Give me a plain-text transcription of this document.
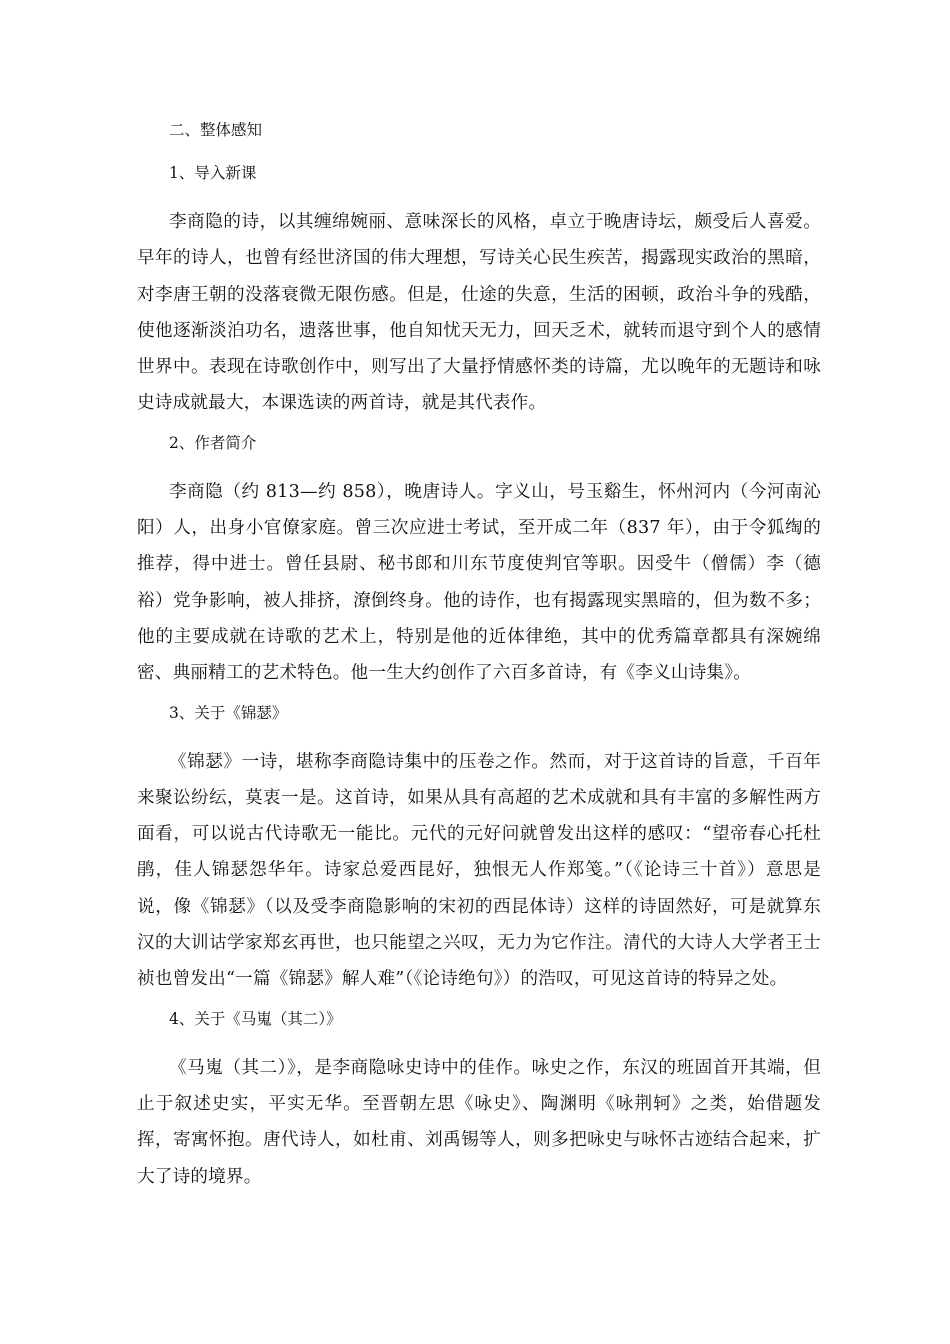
二、整体感知
1、导入新课

李商隐的诗，以其缠绵婉丽、意味深长的风格，卓立于晚唐诗坛，颇受后人喜爱。早年的诗人，也曾有经世济国的伟大理想，写诗关心民生疾苦，揭露现实政治的黑暗，对李唐王朝的没落衰微无限伤感。但是，仕途的失意，生活的困顿，政治斗争的残酷，使他逐渐淡泊功名，遗落世事，他自知忧天无力，回天乏术，就转而退守到个人的感情世界中。表现在诗歌创作中，则写出了大量抒情感怀类的诗篇，尤以晚年的无题诗和咏史诗成就最大，本课选读的两首诗，就是其代表作。

2、作者简介

李商隐（约 813—约 858），晚唐诗人。字义山，号玉谿生，怀州河内（今河南沁阳）人，出身小官僚家庭。曾三次应进士考试，至开成二年（837 年），由于令狐绹的推荐，得中进士。曾任县尉、秘书郎和川东节度使判官等职。因受牛（僧儒）李（德裕）党争影响，被人排挤，潦倒终身。他的诗作，也有揭露现实黑暗的，但为数不多；他的主要成就在诗歌的艺术上，特别是他的近体律绝，其中的优秀篇章都具有深婉绵密、典丽精工的艺术特色。他一生大约创作了六百多首诗，有《李义山诗集》。

3、关于《锦瑟》

《锦瑟》一诗，堪称李商隐诗集中的压卷之作。然而，对于这首诗的旨意，千百年来聚讼纷纭，莫衷一是。这首诗，如果从具有高超的艺术成就和具有丰富的多解性两方面看，可以说古代诗歌无一能比。元代的元好问就曾发出这样的感叹：“望帝春心托杜鹃，佳人锦瑟怨华年。诗家总爱西昆好，独恨无人作郑笺。”（《论诗三十首》）意思是说，像《锦瑟》（以及受李商隐影响的宋初的西昆体诗）这样的诗固然好，可是就算东汉的大训诂学家郑玄再世，也只能望之兴叹，无力为它作注。清代的大诗人大学者王士祯也曾发出“一篇《锦瑟》解人难”（《论诗绝句》）的浩叹，可见这首诗的特异之处。

4、关于《马嵬（其二）》

《马嵬（其二）》，是李商隐咏史诗中的佳作。咏史之作，东汉的班固首开其端，但止于叙述史实，平实无华。至晋朝左思《咏史》、陶渊明《咏荆轲》之类，始借题发挥，寄寓怀抱。唐代诗人，如杜甫、刘禹锡等人，则多把咏史与咏怀古迹结合起来，扩大了诗的境界。
